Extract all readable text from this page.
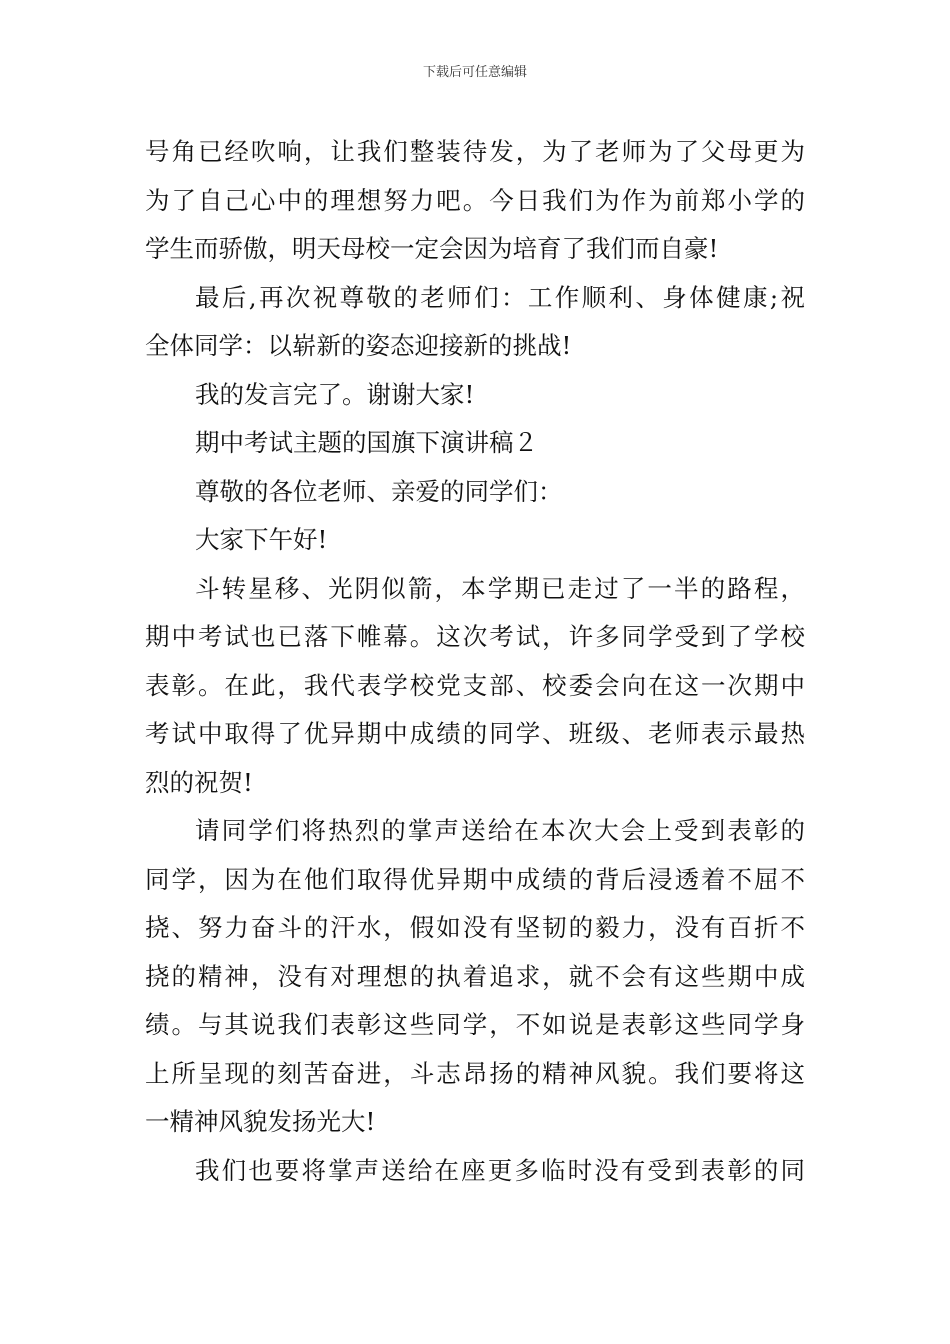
下载后可任意编辑
号角已经吹响，让我们整装待发，为了老师为了父母更为
为了自己心中的理想努力吧。今日我们为作为前郑小学的
学生而骄傲，明天母校一定会因为培育了我们而自豪!
最后,再次祝尊敬的老师们：工作顺利、身体健康;祝
全体同学：以崭新的姿态迎接新的挑战!
我的发言完了。谢谢大家!
期中考试主题的国旗下演讲稿２
尊敬的各位老师、亲爱的同学们：
大家下午好!
斗转星移、光阴似箭，本学期已走过了一半的路程，
期中考试也已落下帷幕。这次考试，许多同学受到了学校
表彰。在此，我代表学校党支部、校委会向在这一次期中
考试中取得了优异期中成绩的同学、班级、老师表示最热
烈的祝贺!
请同学们将热烈的掌声送给在本次大会上受到表彰的
同学，因为在他们取得优异期中成绩的背后浸透着不屈不
挠、努力奋斗的汗水，假如没有坚韧的毅力，没有百折不
挠的精神，没有对理想的执着追求，就不会有这些期中成
绩。与其说我们表彰这些同学，不如说是表彰这些同学身
上所呈现的刻苦奋进，斗志昂扬的精神风貌。我们要将这
一精神风貌发扬光大!
我们也要将掌声送给在座更多临时没有受到表彰的同
